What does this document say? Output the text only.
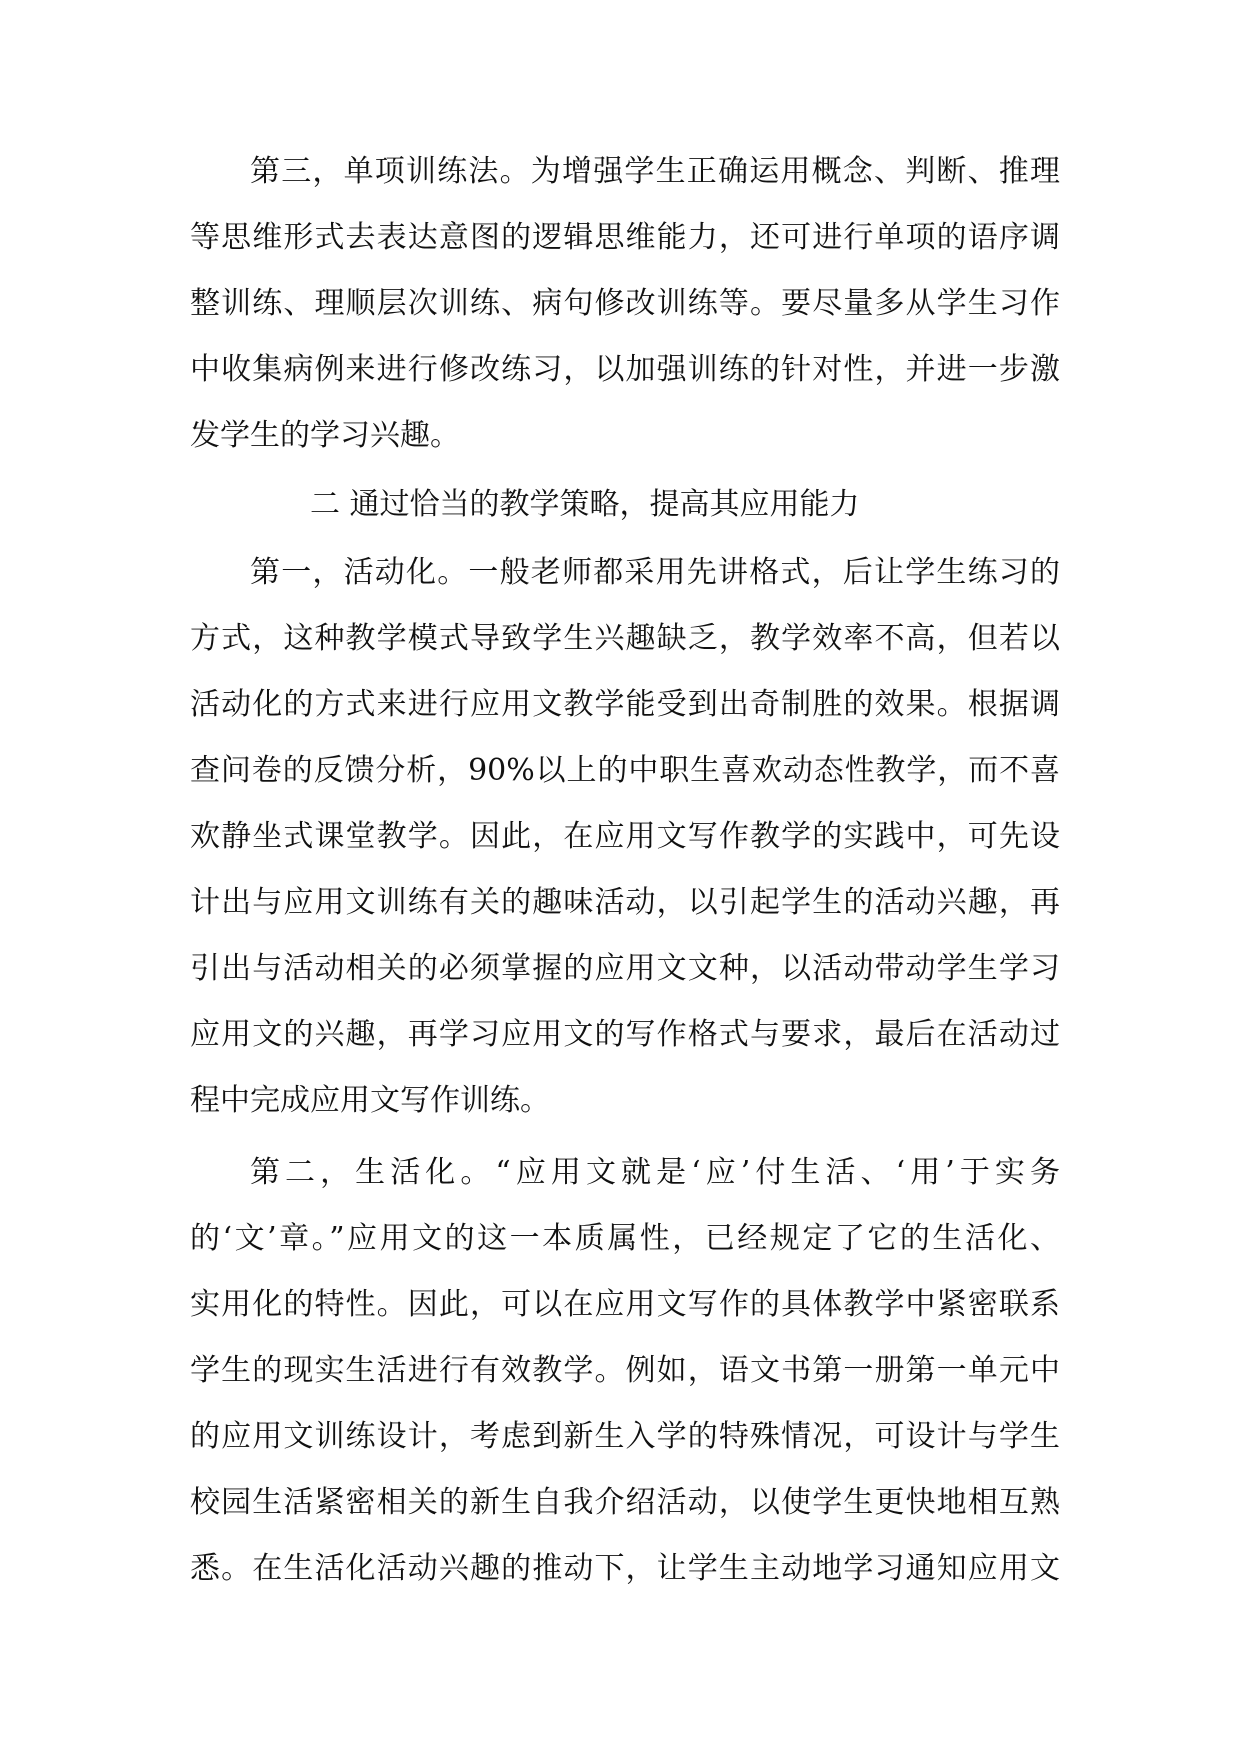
第三，单项训练法。为增强学生正确运用概念、判断、推理
等思维形式去表达意图的逻辑思维能力，还可进行单项的语序调
整训练、理顺层次训练、病句修改训练等。要尽量多从学生习作
中收集病例来进行修改练习，以加强训练的针对性，并进一步激
发学生的学习兴趣。
二 通过恰当的教学策略，提高其应用能力
第一，活动化。一般老师都采用先讲格式，后让学生练习的
方式，这种教学模式导致学生兴趣缺乏，教学效率不高，但若以
活动化的方式来进行应用文教学能受到出奇制胜的效果。根据调
查问卷的反馈分析，90%以上的中职生喜欢动态性教学，而不喜
欢静坐式课堂教学。因此，在应用文写作教学的实践中，可先设
计出与应用文训练有关的趣味活动，以引起学生的活动兴趣，再
引出与活动相关的必须掌握的应用文文种，以活动带动学生学习
应用文的兴趣，再学习应用文的写作格式与要求，最后在活动过
程中完成应用文写作训练。
第二，生活化。“应用文就是‘应’付生活、‘用’于实务
的‘文’章。”应用文的这一本质属性，已经规定了它的生活化、
实用化的特性。因此，可以在应用文写作的具体教学中紧密联系
学生的现实生活进行有效教学。例如，语文书第一册第一单元中
的应用文训练设计，考虑到新生入学的特殊情况，可设计与学生
校园生活紧密相关的新生自我介绍活动，以使学生更快地相互熟
悉。在生活化活动兴趣的推动下，让学生主动地学习通知应用文
